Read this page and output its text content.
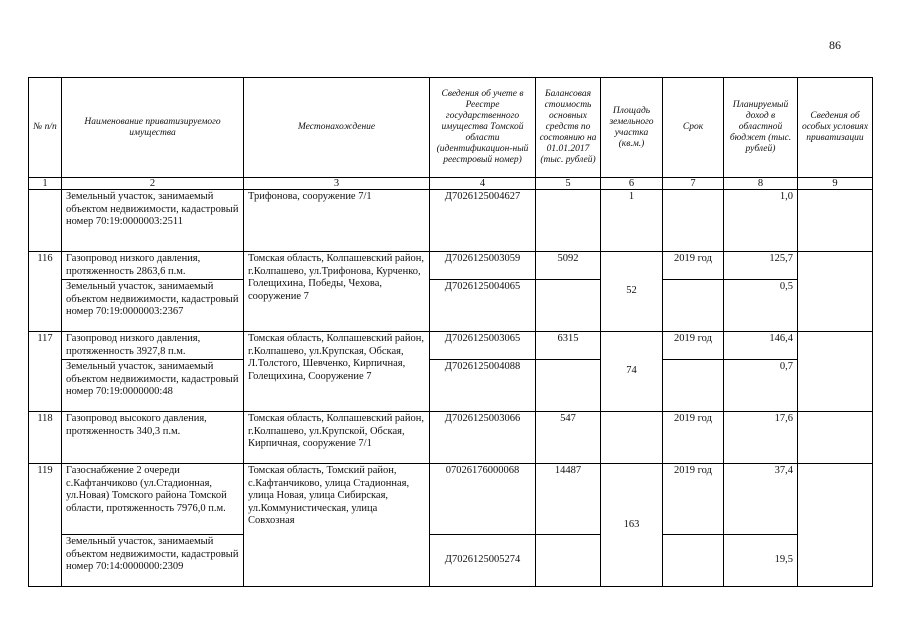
86
№ п/п	Наименование приватизируемого имущества	Местонахождение	Сведения об учете в Реестре государственного имущества Томской области (идентификацион-ный реестровый номер)	Балансовая стоимость основных средств по состоянию на 01.01.2017 (тыс. рублей)	Площадь земельного участка (кв.м.)	Срок	Планируемый доход в областной бюджет (тыс. рублей)	Сведения об особых условиях приватизации
1	2	3	4	5	6	7	8	9
	Земельный участок, занимаемый объектом недвижимости, кадастровый номер 70:19:0000003:2511	Трифонова, сооружение 7/1	Д7026125004627		1		1,0	
116	Газопровод низкого давления, протяженность 2863,6 п.м.	Томская область, Колпашевский район, г.Колпашево, ул.Трифонова, Курченко, Голещихина, Победы, Чехова, сооружение 7	Д7026125003059	5092	52	2019 год	125,7	
	Земельный участок, занимаемый объектом недвижимости, кадастровый номер 70:19:0000003:2367		Д7026125004065				0,5	
117	Газопровод низкого давления, протяженность 3927,8 п.м.	Томская область, Колпашевский район, г.Колпашево, ул.Крупская, Обская, Л.Толстого, Шевченко, Кирпичная, Голещихина, Сооружение 7	Д7026125003065	6315	74	2019 год	146,4	
	Земельный участок, занимаемый объектом недвижимости, кадастровый номер 70:19:0000000:48		Д7026125004088				0,7	
118	Газопровод высокого давления, протяженность 340,3 п.м.	Томская область, Колпашевский район, г.Колпашево, ул.Крупской, Обская, Кирпичная, сооружение 7/1	Д7026125003066	547		2019 год	17,6	
119	Газоснабжение 2 очереди с.Кафтанчиково (ул.Стадионная, ул.Новая) Томского района Томской области, протяженность 7976,0 п.м.	Томская область, Томский район, с.Кафтанчиково, улица Стадионная, улица Новая, улица Сибирская, ул.Коммунистическая, улица Совхозная	07026176000068	14487	163	2019 год	37,4	
	Земельный участок, занимаемый объектом недвижимости, кадастровый номер 70:14:0000000:2309		Д7026125005274				19,5	
